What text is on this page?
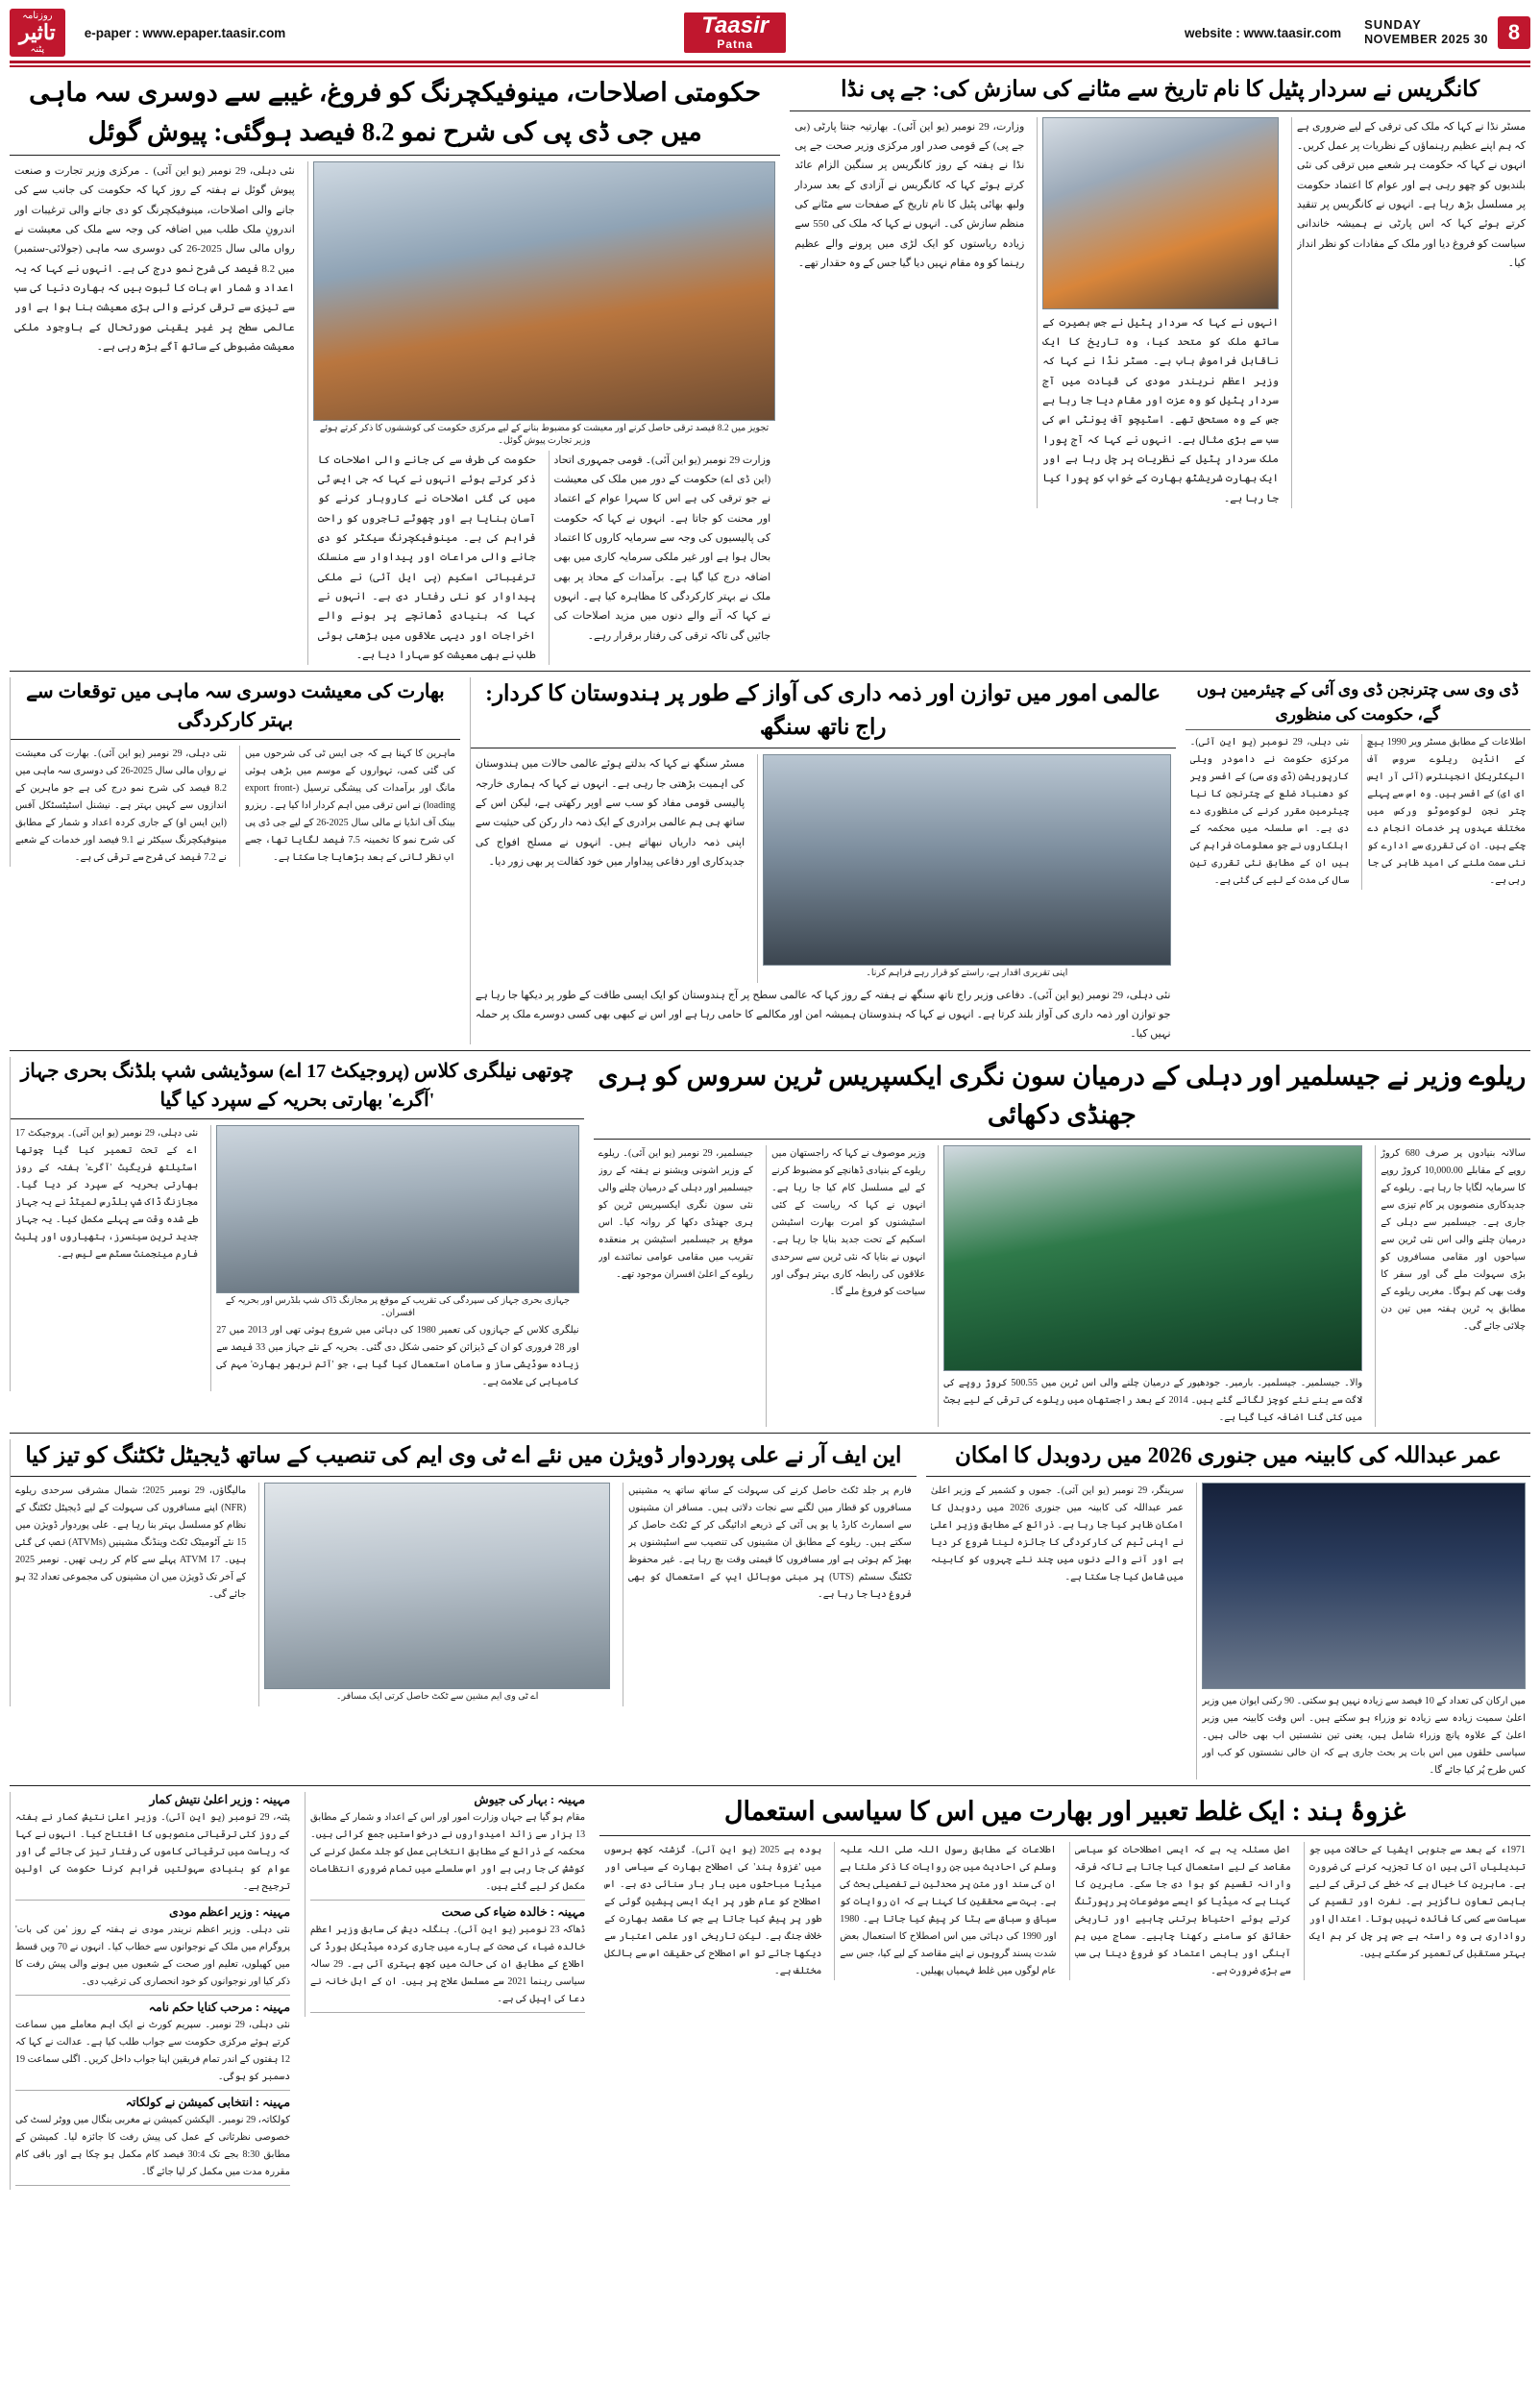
8
SUNDAY
30 NOVEMBER 2025
website : www.taasir.com
Taasir
Patna
e-paper : www.epaper.taasir.com
روزنامہ
تاثیر
پٹنہ
کانگریس نے سردار پٹیل کا نام تاریخ سے مٹانے کی سازش کی: جے پی نڈا
مسٹر نڈا نے کہا کہ ملک کی ترقی کے لیے ضروری ہے کہ ہم اپنے عظیم رہنماؤں کے نظریات پر عمل کریں۔ انہوں نے کہا کہ حکومت ہر شعبے میں ترقی کی نئی بلندیوں کو چھو رہی ہے اور عوام کا اعتماد حکومت پر مسلسل بڑھ رہا ہے۔ انہوں نے کانگریس پر تنقید کرتے ہوئے کہا کہ اس پارٹی نے ہمیشہ خاندانی سیاست کو فروغ دیا اور ملک کے مفادات کو نظر انداز کیا۔
انہوں نے کہا کہ سردار پٹیل نے جس بصیرت کے ساتھ ملک کو متحد کیا، وہ تاریخ کا ایک ناقابل فراموش باب ہے۔ مسٹر نڈا نے کہا کہ وزیر اعظم نریندر مودی کی قیادت میں آج سردار پٹیل کو وہ عزت اور مقام دیا جا رہا ہے جس کے وہ مستحق تھے۔ اسٹیچو آف یونٹی اس کی سب سے بڑی مثال ہے۔ انہوں نے کہا کہ آج پورا ملک سردار پٹیل کے نظریات پر چل رہا ہے اور ایک بھارت شریشٹھ بھارت کے خواب کو پورا کیا جا رہا ہے۔
وزارت، 29 نومبر (یو این آئی)۔ بھارتیہ جنتا پارٹی (بی جے پی) کے قومی صدر اور مرکزی وزیر صحت جے پی نڈا نے ہفتہ کے روز کانگریس پر سنگین الزام عائد کرتے ہوئے کہا کہ کانگریس نے آزادی کے بعد سردار ولبھ بھائی پٹیل کا نام تاریخ کے صفحات سے مٹانے کی منظم سازش کی۔ انہوں نے کہا کہ ملک کی 550 سے زیادہ ریاستوں کو ایک لڑی میں پرونے والے عظیم رہنما کو وہ مقام نہیں دیا گیا جس کے وہ حقدار تھے۔
حکومتی اصلاحات، مینوفیکچرنگ کو فروغ، غیبے سے دوسری سہ ماہی میں جی ڈی پی کی شرح نمو 8.2 فیصد ہوگئی: پیوش گوئل
تجویز میں 8.2 فیصد ترقی حاصل کرنے اور معیشت کو مضبوط بنانے کے لیے مرکزی حکومت کی کوششوں کا ذکر کرتے ہوئے وزیر تجارت پیوش گوئل۔
وزارت 29 نومبر (یو این آئی)۔ قومی جمہوری اتحاد (این ڈی اے) حکومت کے دور میں ملک کی معیشت نے جو ترقی کی ہے اس کا سہرا عوام کے اعتماد اور محنت کو جاتا ہے۔ انہوں نے کہا کہ حکومت کی پالیسیوں کی وجہ سے سرمایہ کاروں کا اعتماد بحال ہوا ہے اور غیر ملکی سرمایہ کاری میں بھی اضافہ درج کیا گیا ہے۔ برآمدات کے محاذ پر بھی ملک نے بہتر کارکردگی کا مظاہرہ کیا ہے۔ انہوں نے کہا کہ آنے والے دنوں میں مزید اصلاحات کی جائیں گی تاکہ ترقی کی رفتار برقرار رہے۔
حکومت کی طرف سے کی جانے والی اصلاحات کا ذکر کرتے ہوئے انہوں نے کہا کہ جی ایس ٹی میں کی گئی اصلاحات نے کاروبار کرنے کو آسان بنایا ہے اور چھوٹے تاجروں کو راحت فراہم کی ہے۔ مینوفیکچرنگ سیکٹر کو دی جانے والی مراعات اور پیداوار سے منسلک ترغیباتی اسکیم (پی ایل آئی) نے ملکی پیداوار کو نئی رفتار دی ہے۔ انہوں نے کہا کہ بنیادی ڈھانچے پر ہونے والے اخراجات اور دیہی علاقوں میں بڑھتی ہوئی طلب نے بھی معیشت کو سہارا دیا ہے۔
نئی دہلی، 29 نومبر (یو این آئی) ۔ مرکزی وزیر تجارت و صنعت پیوش گوئل نے ہفتہ کے روز کہا کہ حکومت کی جانب سے کی جانے والی اصلاحات، مینوفیکچرنگ کو دی جانے والی ترغیبات اور اندرونِ ملک طلب میں اضافہ کی وجہ سے ملک کی معیشت نے رواں مالی سال 2025-26 کی دوسری سہ ماہی (جولائی-ستمبر) میں 8.2 فیصد کی شرح نمو درج کی ہے۔ انہوں نے کہا کہ یہ اعداد و شمار اس بات کا ثبوت ہیں کہ بھارت دنیا کی سب سے تیزی سے ترقی کرنے والی بڑی معیشت بنا ہوا ہے اور عالمی سطح پر غیر یقینی صورتحال کے باوجود ملکی معیشت مضبوطی کے ساتھ آگے بڑھ رہی ہے۔
ڈی وی سی چترنجن ڈی وی آئی کے چیئرمین ہوں گے، حکومت کی منظوری
اطلاعات کے مطابق مسٹر ویر 1990 بیچ کے انڈین ریلوے سروس آف الیکٹریکل انجینئرس (آئی آر ایس ای ای) کے افسر ہیں۔ وہ اس سے پہلے چتر نجن لوکوموٹو ورکس میں مختلف عہدوں پر خدمات انجام دے چکے ہیں۔ ان کی تقرری سے ادارے کو نئی سمت ملنے کی امید ظاہر کی جا رہی ہے۔
نئی دہلی، 29 نومبر (یو این آئی)۔ مرکزی حکومت نے دامودر ویلی کارپوریشن (ڈی وی سی) کے افسر ویر کو دھنباد ضلع کے چترنجن کا نیا چیئرمین مقرر کرنے کی منظوری دے دی ہے۔ اس سلسلہ میں محکمہ کے اہلکاروں نے جو معلومات فراہم کی ہیں ان کے مطابق نئی تقرری تین سال کی مدت کے لیے کی گئی ہے۔
عالمی امور میں توازن اور ذمہ داری کی آواز کے طور پر ہندوستان کا کردار: راج ناتھ سنگھ
اپنی تقریری اقدار ہے، راستے کو قرار رہے فراہم کرنا۔
مسٹر سنگھ نے کہا کہ بدلتے ہوئے عالمی حالات میں ہندوستان کی اہمیت بڑھتی جا رہی ہے۔ انہوں نے کہا کہ ہماری خارجہ پالیسی قومی مفاد کو سب سے اوپر رکھتی ہے، لیکن اس کے ساتھ ہی ہم عالمی برادری کے ایک ذمہ دار رکن کی حیثیت سے اپنی ذمہ داریاں نبھاتے ہیں۔ انہوں نے مسلح افواج کی جدیدکاری اور دفاعی پیداوار میں خود کفالت پر بھی زور دیا۔
نئی دہلی، 29 نومبر (یو این آئی)۔ دفاعی وزیر راج ناتھ سنگھ نے ہفتہ کے روز کہا کہ عالمی سطح پر آج ہندوستان کو ایک ایسی طاقت کے طور پر دیکھا جا رہا ہے جو توازن اور ذمہ داری کی آواز بلند کرتا ہے۔ انہوں نے کہا کہ ہندوستان ہمیشہ امن اور مکالمے کا حامی رہا ہے اور اس نے کبھی بھی کسی دوسرے ملک پر حملہ نہیں کیا۔
بھارت کی معیشت دوسری سہ ماہی میں توقعات سے بہتر کارکردگی
ماہرین کا کہنا ہے کہ جی ایس ٹی کی شرحوں میں کی گئی کمی، تہواروں کے موسم میں بڑھی ہوئی مانگ اور برآمدات کی پیشگی ترسیل (export front-loading) نے اس ترقی میں اہم کردار ادا کیا ہے۔ ریزرو بینک آف انڈیا نے مالی سال 2025-26 کے لیے جی ڈی پی کی شرح نمو کا تخمینہ 7.5 فیصد لگایا تھا، جسے اب نظر ثانی کے بعد بڑھایا جا سکتا ہے۔
نئی دہلی، 29 نومبر (یو این آئی)۔ بھارت کی معیشت نے رواں مالی سال 2025-26 کی دوسری سہ ماہی میں 8.2 فیصد کی شرح نمو درج کی ہے جو ماہرین کے اندازوں سے کہیں بہتر ہے۔ نیشنل اسٹیٹسٹکل آفس (این ایس او) کے جاری کردہ اعداد و شمار کے مطابق مینوفیکچرنگ سیکٹر نے 9.1 فیصد اور خدمات کے شعبے نے 7.2 فیصد کی شرح سے ترقی کی ہے۔
ریلوے وزیر نے جیسلمیر اور دہلی کے درمیان سون نگری ایکسپریس ٹرین سروس کو ہری جھنڈی دکھائی
سالانہ بنیادوں پر صرف 680 کروڑ روپے کے مقابلے 10,000.00 کروڑ روپے کا سرمایہ لگایا جا رہا ہے۔ ریلوے کے جدیدکاری منصوبوں پر کام تیزی سے جاری ہے۔ جیسلمیر سے دہلی کے درمیان چلنے والی اس نئی ٹرین سے سیاحوں اور مقامی مسافروں کو بڑی سہولت ملے گی اور سفر کا وقت بھی کم ہوگا۔ مغربی ریلوے کے مطابق یہ ٹرین ہفتہ میں تین دن چلائی جائے گی۔
والا۔ جیسلمیر۔ جیسلمیر۔ بارمیر۔ جودھپور کے درمیان چلنے والی اس ٹرین میں 500.55 کروڑ روپے کی لاگت سے بنے نئے کوچز لگائے گئے ہیں۔ 2014 کے بعد راجستھان میں ریلوے کی ترقی کے لیے بجٹ میں کئی گنا اضافہ کیا گیا ہے۔
وزیر موصوف نے کہا کہ راجستھان میں ریلوے کے بنیادی ڈھانچے کو مضبوط کرنے کے لیے مسلسل کام کیا جا رہا ہے۔ انہوں نے کہا کہ ریاست کے کئی اسٹیشنوں کو امرت بھارت اسٹیشن اسکیم کے تحت جدید بنایا جا رہا ہے۔ انہوں نے بتایا کہ نئی ٹرین سے سرحدی علاقوں کی رابطہ کاری بہتر ہوگی اور سیاحت کو فروغ ملے گا۔
جیسلمیر، 29 نومبر (یو این آئی)۔ ریلوے کے وزیر اشونی ویشنو نے ہفتہ کے روز جیسلمیر اور دہلی کے درمیان چلنے والی نئی سون نگری ایکسپریس ٹرین کو ہری جھنڈی دکھا کر روانہ کیا۔ اس موقع پر جیسلمیر اسٹیشن پر منعقدہ تقریب میں مقامی عوامی نمائندے اور ریلوے کے اعلیٰ افسران موجود تھے۔
چوتھی نیلگری کلاس (پروجیکٹ 17 اے) سوڈیشی شپ بلڈنگ بحری جہاز 'آگرے' بھارتی بحریہ کے سپرد کیا گیا
جہازی بحری جہاز کی سپردگی کی تقریب کے موقع پر مجازنگ ڈاک شپ بلڈرس اور بحریہ کے افسران۔
نیلگری کلاس کے جہازوں کی تعمیر 1980 کی دہائی میں شروع ہوئی تھی اور 2013 میں 27 اور 28 فروری کو ان کے ڈیزائن کو حتمی شکل دی گئی۔ بحریہ کے نئے جہاز میں 33 فیصد سے زیادہ سوڈیشی ساز و سامان استعمال کیا گیا ہے، جو 'آتم نربھر بھارت' مہم کی کامیابی کی علامت ہے۔
نئی دہلی، 29 نومبر (یو این آئی)۔ پروجیکٹ 17 اے کے تحت تعمیر کیا گیا چوتھا اسٹیلتھ فریگیٹ 'آگرے' ہفتہ کے روز بھارتی بحریہ کے سپرد کر دیا گیا۔ مجازنگ ڈاک شپ بلڈرس لمیٹڈ نے یہ جہاز طے شدہ وقت سے پہلے مکمل کیا۔ یہ جہاز جدید ترین سینسرز، ہتھیاروں اور پلیٹ فارم مینجمنٹ سسٹم سے لیس ہے۔
عمر عبداللہ کی کابینہ میں جنوری 2026 میں ردوبدل کا امکان
میں ارکان کی تعداد کے 10 فیصد سے زیادہ نہیں ہو سکتی۔ 90 رکنی ایوان میں وزیر اعلیٰ سمیت زیادہ سے زیادہ نو وزراء ہو سکتے ہیں۔ اس وقت کابینہ میں وزیر اعلیٰ کے علاوہ پانچ وزراء شامل ہیں، یعنی تین نشستیں اب بھی خالی ہیں۔ سیاسی حلقوں میں اس بات پر بحث جاری ہے کہ ان خالی نشستوں کو کب اور کس طرح پُر کیا جائے گا۔
سرینگر، 29 نومبر (یو این آئی)۔ جموں و کشمیر کے وزیر اعلیٰ عمر عبداللہ کی کابینہ میں جنوری 2026 میں ردوبدل کا امکان ظاہر کیا جا رہا ہے۔ ذرائع کے مطابق وزیر اعلیٰ نے اپنی ٹیم کی کارکردگی کا جائزہ لینا شروع کر دیا ہے اور آنے والے دنوں میں چند نئے چہروں کو کابینہ میں شامل کیا جا سکتا ہے۔
این ایف آر نے علی پوردوار ڈویژن میں نئے اے ٹی وی ایم کی تنصیب کے ساتھ ڈیجیٹل ٹکٹنگ کو تیز کیا
فارم پر جلد ٹکٹ حاصل کرنے کی سہولت کے ساتھ ساتھ یہ مشینیں مسافروں کو قطار میں لگنے سے نجات دلاتی ہیں۔ مسافر ان مشینوں سے اسمارٹ کارڈ یا یو پی آئی کے ذریعے ادائیگی کر کے ٹکٹ حاصل کر سکتے ہیں۔ ریلوے کے مطابق ان مشینوں کی تنصیب سے اسٹیشنوں پر بھیڑ کم ہوئی ہے اور مسافروں کا قیمتی وقت بچ رہا ہے۔ غیر محفوظ ٹکٹنگ سسٹم (UTS) پر مبنی موبائل ایپ کے استعمال کو بھی فروغ دیا جا رہا ہے۔
اے ٹی وی ایم مشین سے ٹکٹ حاصل کرتی ایک مسافر۔
مالیگاؤں، 29 نومبر 2025؛ شمال مشرقی سرحدی ریلوے (NFR) اپنے مسافروں کی سہولت کے لیے ڈیجیٹل ٹکٹنگ کے نظام کو مسلسل بہتر بنا رہا ہے۔ علی پوردوار ڈویژن میں 15 نئے آٹومیٹک ٹکٹ وینڈنگ مشینیں (ATVMs) نصب کی گئی ہیں۔ 17 ATVM پہلے سے کام کر رہی تھیں۔ نومبر 2025 کے آخر تک ڈویژن میں ان مشینوں کی مجموعی تعداد 32 ہو جائے گی۔
غزوۂ ہند : ایک غلط تعبیر اور بھارت میں اس کا سیاسی استعمال
1971ء کے بعد سے جنوبی ایشیا کے حالات میں جو تبدیلیاں آئی ہیں ان کا تجزیہ کرنے کی ضرورت ہے۔ ماہرین کا خیال ہے کہ خطے کی ترقی کے لیے باہمی تعاون ناگزیر ہے۔ نفرت اور تقسیم کی سیاست سے کسی کا فائدہ نہیں ہوتا۔ اعتدال اور رواداری ہی وہ راستہ ہے جس پر چل کر ہم ایک بہتر مستقبل کی تعمیر کر سکتے ہیں۔
اصل مسئلہ یہ ہے کہ ایسی اصطلاحات کو سیاسی مقاصد کے لیے استعمال کیا جاتا ہے تاکہ فرقہ وارانہ تقسیم کو ہوا دی جا سکے۔ ماہرین کا کہنا ہے کہ میڈیا کو ایسے موضوعات پر رپورٹنگ کرتے ہوئے احتیاط برتنی چاہیے اور تاریخی حقائق کو سامنے رکھنا چاہیے۔ سماج میں ہم آہنگی اور باہمی اعتماد کو فروغ دینا ہی سب سے بڑی ضرورت ہے۔
اطلاعات کے مطابق رسول اللہ صلی اللہ علیہ وسلم کی احادیث میں جن روایات کا ذکر ملتا ہے ان کی سند اور متن پر محدثین نے تفصیلی بحث کی ہے۔ بہت سے محققین کا کہنا ہے کہ ان روایات کو سیاق و سباق سے ہٹا کر پیش کیا جاتا ہے۔ 1980 اور 1990 کی دہائی میں اس اصطلاح کا استعمال بعض شدت پسند گروہوں نے اپنے مقاصد کے لیے کیا، جس سے عام لوگوں میں غلط فہمیاں پھیلیں۔
ہودہ ہے 2025 (یو این آئی)۔ گزشتہ کچھ برسوں میں 'غزوۂ ہند' کی اصطلاح بھارت کے سیاسی اور میڈیا مباحثوں میں بار بار سنائی دی ہے۔ اس اصطلاح کو عام طور پر ایک ایسی پیشین گوئی کے طور پر پیش کیا جاتا ہے جس کا مقصد بھارت کے خلاف جنگ ہے۔ لیکن تاریخی اور علمی اعتبار سے دیکھا جائے تو اس اصطلاح کی حقیقت اس سے بالکل مختلف ہے۔
مہینہ : بہار کی جیوش
مقام ہو گیا ہے جہاں وزارت امور اور اس کے اعداد و شمار کے مطابق 13 ہزار سے زائد امیدواروں نے درخواستیں جمع کرائی ہیں۔ محکمہ کے ذرائع کے مطابق انتخابی عمل کو جلد مکمل کرنے کی کوشش کی جا رہی ہے اور اس سلسلے میں تمام ضروری انتظامات مکمل کر لیے گئے ہیں۔
مہینہ : خالدہ ضیاء کی صحت
ڈھاکہ 23 نومبر (یو این آئی)۔ بنگلہ دیش کی سابق وزیر اعظم خالدہ ضیاء کی صحت کے بارے میں جاری کردہ میڈیکل بورڈ کی اطلاع کے مطابق ان کی حالت میں کچھ بہتری آئی ہے۔ 29 سالہ سیاسی رہنما 2021 سے مسلسل علاج پر ہیں۔ ان کے اہل خانہ نے دعا کی اپیل کی ہے۔
مہینہ : وزیر اعلیٰ نتیش کمار
پٹنہ، 29 نومبر (یو این آئی)۔ وزیر اعلیٰ نتیش کمار نے ہفتہ کے روز کئی ترقیاتی منصوبوں کا افتتاح کیا۔ انہوں نے کہا کہ ریاست میں ترقیاتی کاموں کی رفتار تیز کی جائے گی اور عوام کو بنیادی سہولتیں فراہم کرنا حکومت کی اولین ترجیح ہے۔
مہینہ : وزیر اعظم مودی
نئی دہلی۔ وزیر اعظم نریندر مودی نے ہفتہ کے روز 'من کی بات' پروگرام میں ملک کے نوجوانوں سے خطاب کیا۔ انہوں نے 70 ویں قسط میں کھیلوں، تعلیم اور صحت کے شعبوں میں ہونے والی پیش رفت کا ذکر کیا اور نوجوانوں کو خود انحصاری کی ترغیب دی۔
مہینہ : مرحب کنایا حکم نامہ
نئی دہلی، 29 نومبر۔ سپریم کورٹ نے ایک اہم معاملے میں سماعت کرتے ہوئے مرکزی حکومت سے جواب طلب کیا ہے۔ عدالت نے کہا کہ 12 ہفتوں کے اندر تمام فریقین اپنا جواب داخل کریں۔ اگلی سماعت 19 دسمبر کو ہوگی۔
مہینہ : انتخابی کمیشن نے کولکاتہ
کولکاتہ، 29 نومبر۔ الیکشن کمیشن نے مغربی بنگال میں ووٹر لسٹ کی خصوصی نظرثانی کے عمل کی پیش رفت کا جائزہ لیا۔ کمیشن کے مطابق 8:30 بجے تک 30:4 فیصد کام مکمل ہو چکا ہے اور باقی کام مقررہ مدت میں مکمل کر لیا جائے گا۔
